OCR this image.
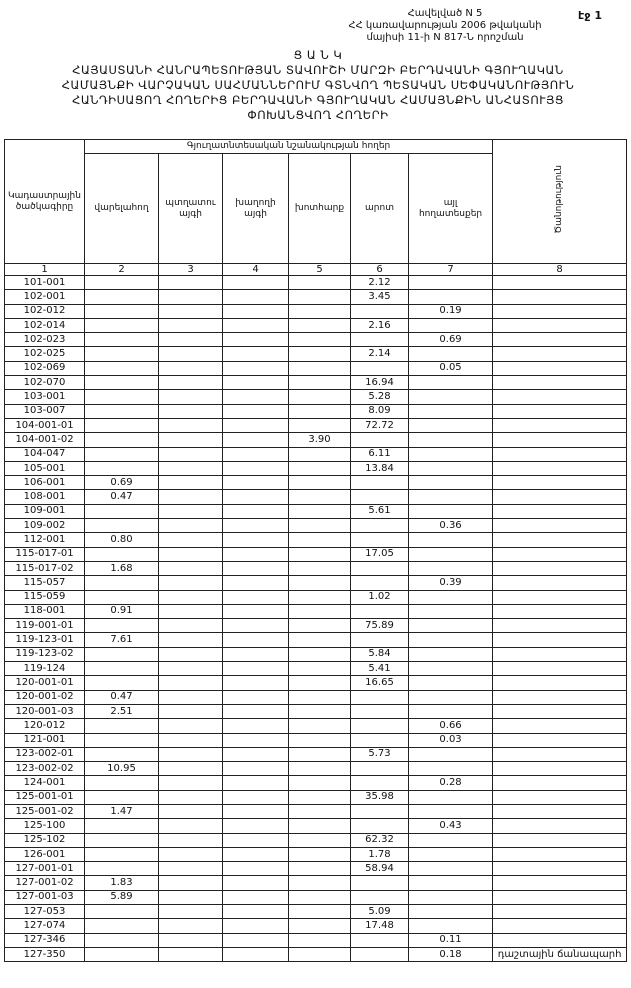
Հավելված N 5
ՀՀ կառավարության 2006 թվականի
մայիսի 11-ի N 817-Ն որոշման
էջ 1
Ց Ա Ն Կ
ՀԱՅԱՍՏԱՆԻ ՀԱՆՐԱՊԵՏՈՒԹՅԱՆ ՏԱՎՈՒՇԻ ՄԱՐԶԻ ԲԵՐԴԱՎԱՆԻ ԳՅՈՒՂԱԿԱՆ
ՀԱՄԱՅՆՔԻ ՎԱՐՉԱԿԱՆ ՍԱՀՄԱՆՆԵՐՈՒՄ ԳՏՆՎՈՂ ՊԵՏԱԿԱՆ ՍԵՓԱԿԱՆՈՒԹՅՈՒՆ
ՀԱՆԴԻՍԱՑՈՂ ՀՈՂԵՐԻՑ ԲԵՐԴԱՎԱՆԻ ԳՅՈՒՂԱԿԱՆ ՀԱՄԱՅՆՔԻՆ ԱՆՀԱՏՈՒՅՑ
ՓՈԽԱՆՑՎՈՂ ՀՈՂԵՐԻ
Կադաստրային ծածկագիրը	Գյուղատնտեսական նշանակության հողեր						Ծանոթություն
	վարելահող	պտղատու այգի	խաղողի այգի	խոտհարք	արոտ	այլ հողատեսքեր	
1	2	3	4	5	6	7	8
101-001					2.12		
102-001					3.45		
102-012						0.19	
102-014					2.16		
102-023						0.69	
102-025					2.14		
102-069						0.05	
102-070					16.94		
103-001					5.28		
103-007					8.09		
104-001-01					72.72		
104-001-02				3.90			
104-047					6.11		
105-001					13.84		
106-001	0.69						
108-001	0.47						
109-001					5.61		
109-002						0.36	
112-001	0.80						
115-017-01					17.05		
115-017-02	1.68						
115-057						0.39	
115-059					1.02		
118-001	0.91						
119-001-01					75.89		
119-123-01	7.61						
119-123-02					5.84		
119-124					5.41		
120-001-01					16.65		
120-001-02	0.47						
120-001-03	2.51						
120-012						0.66	
121-001						0.03	
123-002-01					5.73		
123-002-02	10.95						
124-001						0.28	
125-001-01					35.98		
125-001-02	1.47						
125-100						0.43	
125-102					62.32		
126-001					1.78		
127-001-01					58.94		
127-001-02	1.83						
127-001-03	5.89						
127-053					5.09		
127-074					17.48		
127-346						0.11	
127-350						0.18	դաշտային ճանապարհ
